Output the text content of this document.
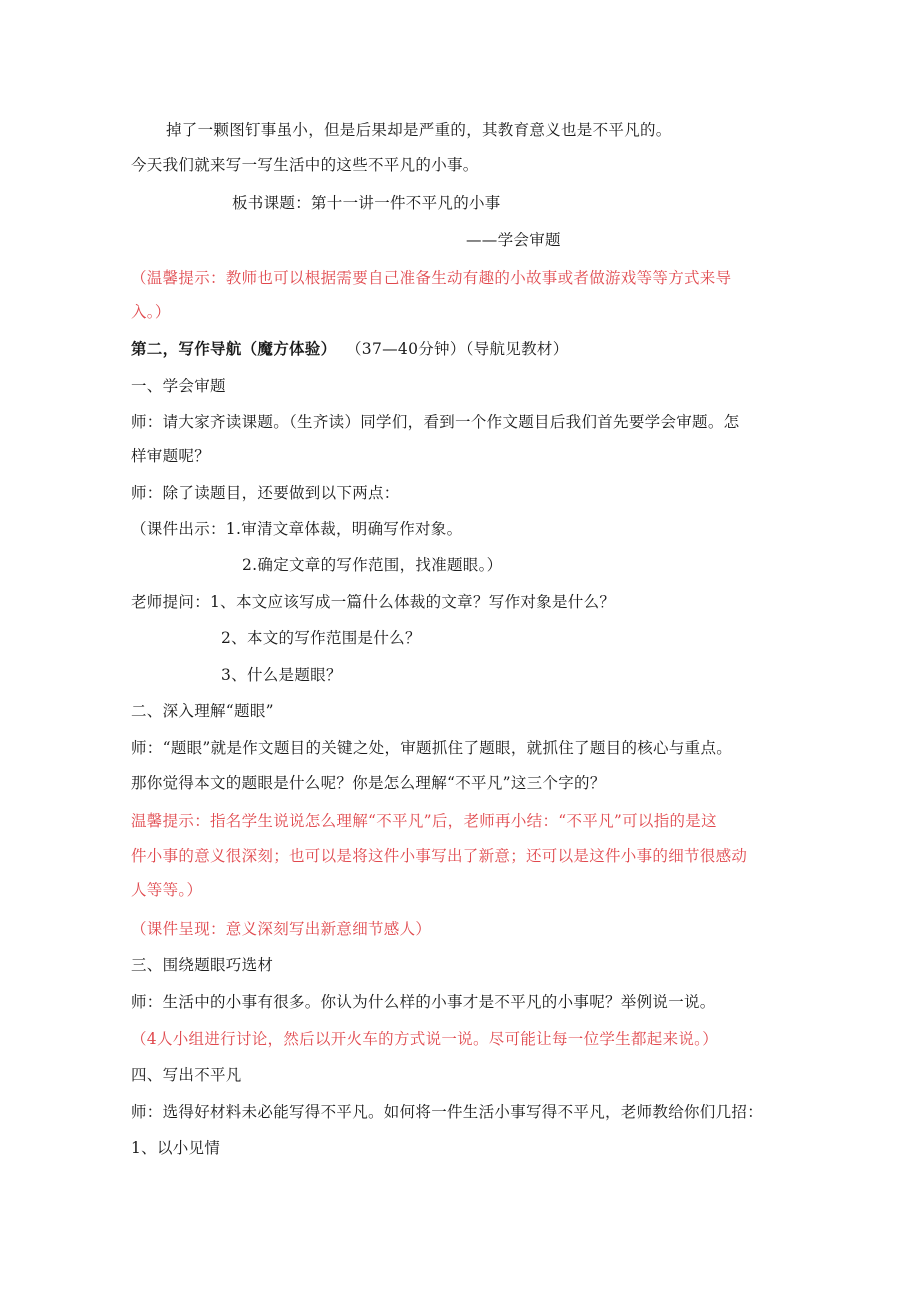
掉了一颗图钉事虽小，但是后果却是严重的，其教育意义也是不平凡的。
今天我们就来写一写生活中的这些不平凡的小事。
板书课题：第十一讲一件不平凡的小事
——学会审题
（温馨提示：教师也可以根据需要自己准备生动有趣的小故事或者做游戏等等方式来导
入。）
第二，写作导航（魔方体验） （37—40分钟）（导航见教材）
一、学会审题
师：请大家齐读课题。（生齐读）同学们，看到一个作文题目后我们首先要学会审题。怎
样审题呢？
师：除了读题目，还要做到以下两点：
（课件出示：1.审清文章体裁，明确写作对象。
2.确定文章的写作范围，找准题眼。）
老师提问：1、本文应该写成一篇什么体裁的文章？写作对象是什么？
2、本文的写作范围是什么？
3、什么是题眼？
二、深入理解“题眼”
师：“题眼”就是作文题目的关键之处，审题抓住了题眼，就抓住了题目的核心与重点。
那你觉得本文的题眼是什么呢？你是怎么理解“不平凡”这三个字的？
温馨提示：指名学生说说怎么理解“不平凡”后，老师再小结：“不平凡”可以指的是这
件小事的意义很深刻；也可以是将这件小事写出了新意；还可以是这件小事的细节很感动
人等等。）
（课件呈现：意义深刻写出新意细节感人）
三、围绕题眼巧选材
师：生活中的小事有很多。你认为什么样的小事才是不平凡的小事呢？举例说一说。
（4人小组进行讨论，然后以开火车的方式说一说。尽可能让每一位学生都起来说。）
四、写出不平凡
师：选得好材料未必能写得不平凡。如何将一件生活小事写得不平凡，老师教给你们几招：
1、以小见情
